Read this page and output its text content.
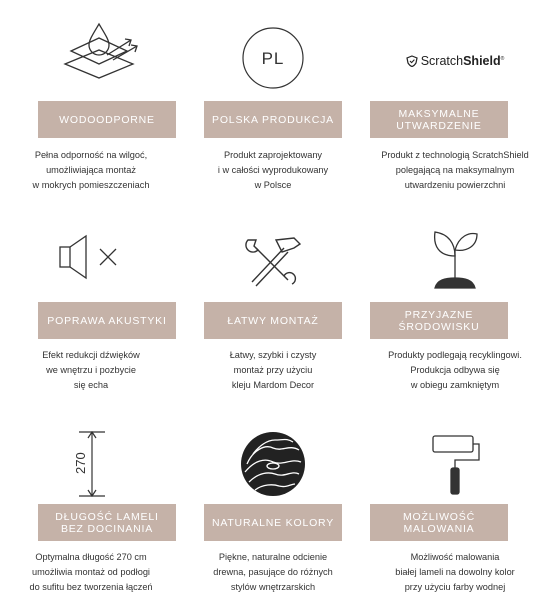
WODOODPORNE
Pełna odporność na wilgoć,
umożliwiająca montaż
w mokrych pomieszczeniach
PL
POLSKA PRODUKCJA
Produkt zaprojektowany
i w całości wyprodukowany
w Polsce
ScratchShield®
MAKSYMALNE UTWARDZENIE
Produkt z technologią ScratchShield
polegającą na maksymalnym
utwardzeniu powierzchni
POPRAWA AKUSTYKI
Efekt redukcji dźwięków
we wnętrzu i pozbycie
się echa
ŁATWY MONTAŻ
Łatwy, szybki i czysty
montaż przy użyciu
kleju Mardom Decor
PRZYJAZNE ŚRODOWISKU
Produkty podlegają recyklingowi.
Produkcja odbywa się
w obiegu zamkniętym
270
DŁUGOŚĆ LAMELI BEZ DOCINANIA
Optymalna długość 270 cm
umożliwia montaż od podłogi
do sufitu bez tworzenia łączeń
NATURALNE KOLORY
Piękne, naturalne odcienie
drewna, pasujące do różnych
stylów wnętrzarskich
MOŻLIWOŚĆ MALOWANIA
Możliwość malowania
białej lameli na dowolny kolor
przy użyciu farby wodnej
